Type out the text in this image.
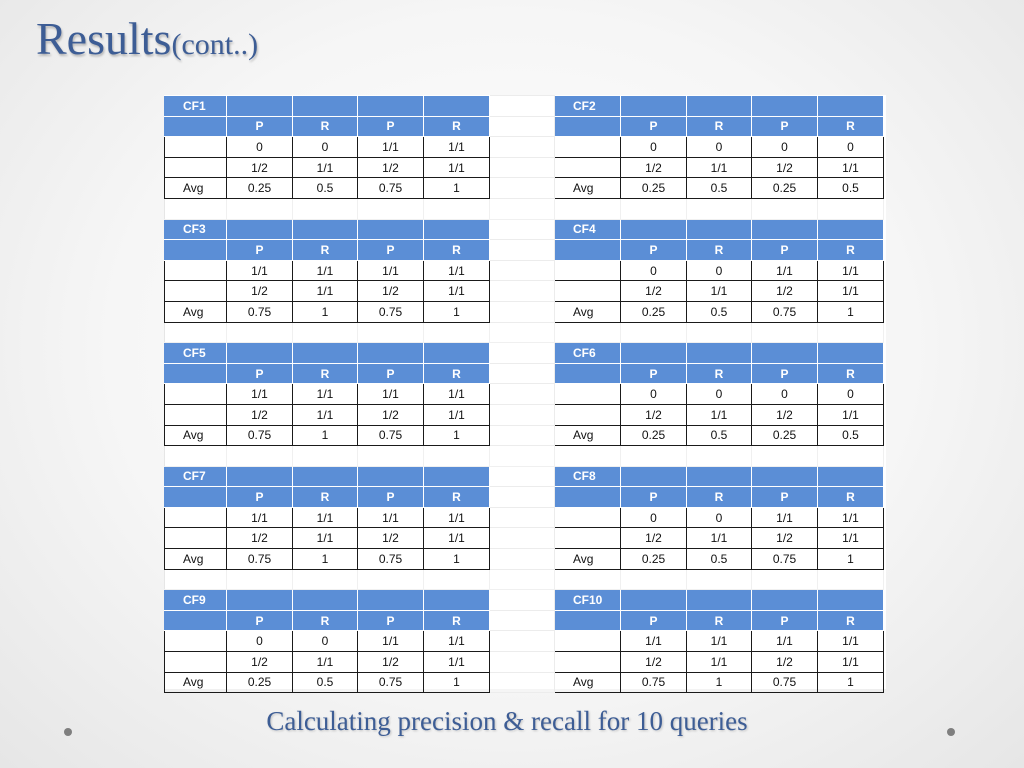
Results(cont..)
CF1						CF2				
	P	R	P	R			P	R	P	R
	0	0	1/1	1/1			0	0	0	0
	1/2	1/1	1/2	1/1			1/2	1/1	1/2	1/1
Avg	0.25	0.5	0.75	1		Avg	0.25	0.5	0.25	0.5

CF3						CF4				
	P	R	P	R			P	R	P	R
	1/1	1/1	1/1	1/1			0	0	1/1	1/1
	1/2	1/1	1/2	1/1			1/2	1/1	1/2	1/1
Avg	0.75	1	0.75	1		Avg	0.25	0.5	0.75	1

CF5						CF6				
	P	R	P	R			P	R	P	R
	1/1	1/1	1/1	1/1			0	0	0	0
	1/2	1/1	1/2	1/1			1/2	1/1	1/2	1/1
Avg	0.75	1	0.75	1		Avg	0.25	0.5	0.25	0.5

CF7						CF8				
	P	R	P	R			P	R	P	R
	1/1	1/1	1/1	1/1			0	0	1/1	1/1
	1/2	1/1	1/2	1/1			1/2	1/1	1/2	1/1
Avg	0.75	1	0.75	1		Avg	0.25	0.5	0.75	1

CF9						CF10				
	P	R	P	R			P	R	P	R
	0	0	1/1	1/1			1/1	1/1	1/1	1/1
	1/2	1/1	1/2	1/1			1/2	1/1	1/2	1/1
Avg	0.25	0.5	0.75	1		Avg	0.75	1	0.75	1
Calculating precision & recall for 10 queries
